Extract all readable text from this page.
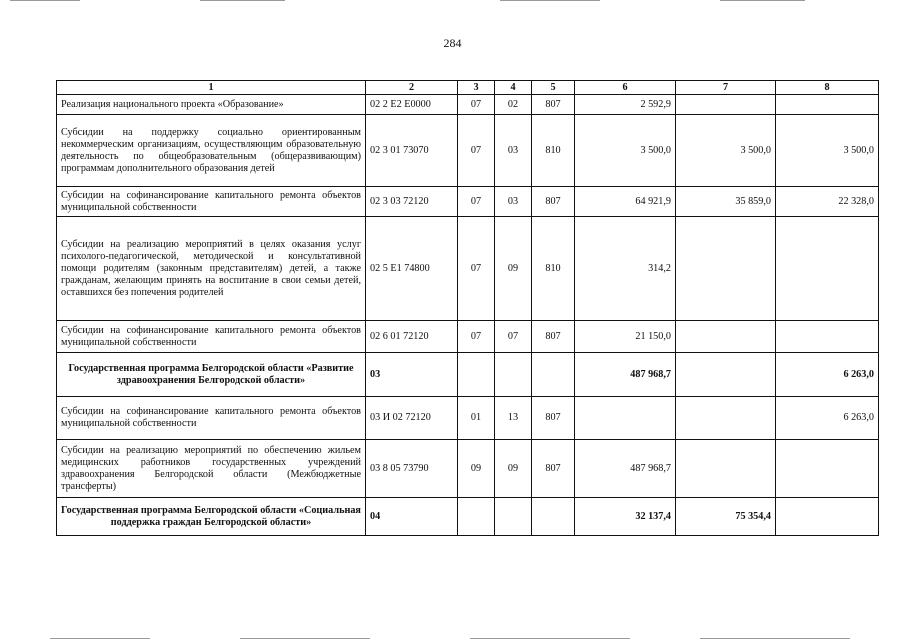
284
1	2	3	4	5	6	7	8
Реализация национального проекта «Образование»	02 2 Е2 Е0000	07	02	807	2 592,9		
Субсидии на поддержку социально ориентированным некоммерческим организациям, осуществляющим образовательную деятельность по общеобразовательным (общеразвивающим) программам дополнительного образования детей	02 3 01 73070	07	03	810	3 500,0	3 500,0	3 500,0
Субсидии на софинансирование капитального ремонта объектов муниципальной собственности	02 3 03 72120	07	03	807	64 921,9	35 859,0	22 328,0
Субсидии на реализацию мероприятий в целях оказания услуг психолого-педагогической, методической и консультативной помощи родителям (законным представителям) детей, а также гражданам, желающим принять на воспитание в свои семьи детей, оставшихся без попечения родителей	02 5 Е1 74800	07	09	810	314,2		
Субсидии на софинансирование капитального ремонта объектов муниципальной собственности	02 6 01 72120	07	07	807	21 150,0		
Государственная программа Белгородской области «Развитие здравоохранения Белгородской области»	03				487 968,7		6 263,0
Субсидии на софинансирование капитального ремонта объектов муниципальной собственности	03 И 02 72120	01	13	807			6 263,0
Субсидии на реализацию мероприятий по обеспечению жильем медицинских работников государственных учреждений здравоохранения Белгородской области (Межбюджетные трансферты)	03 8 05 73790	09	09	807	487 968,7		
Государственная программа Белгородской области «Социальная поддержка граждан Белгородской области»	04				32 137,4	75 354,4	
